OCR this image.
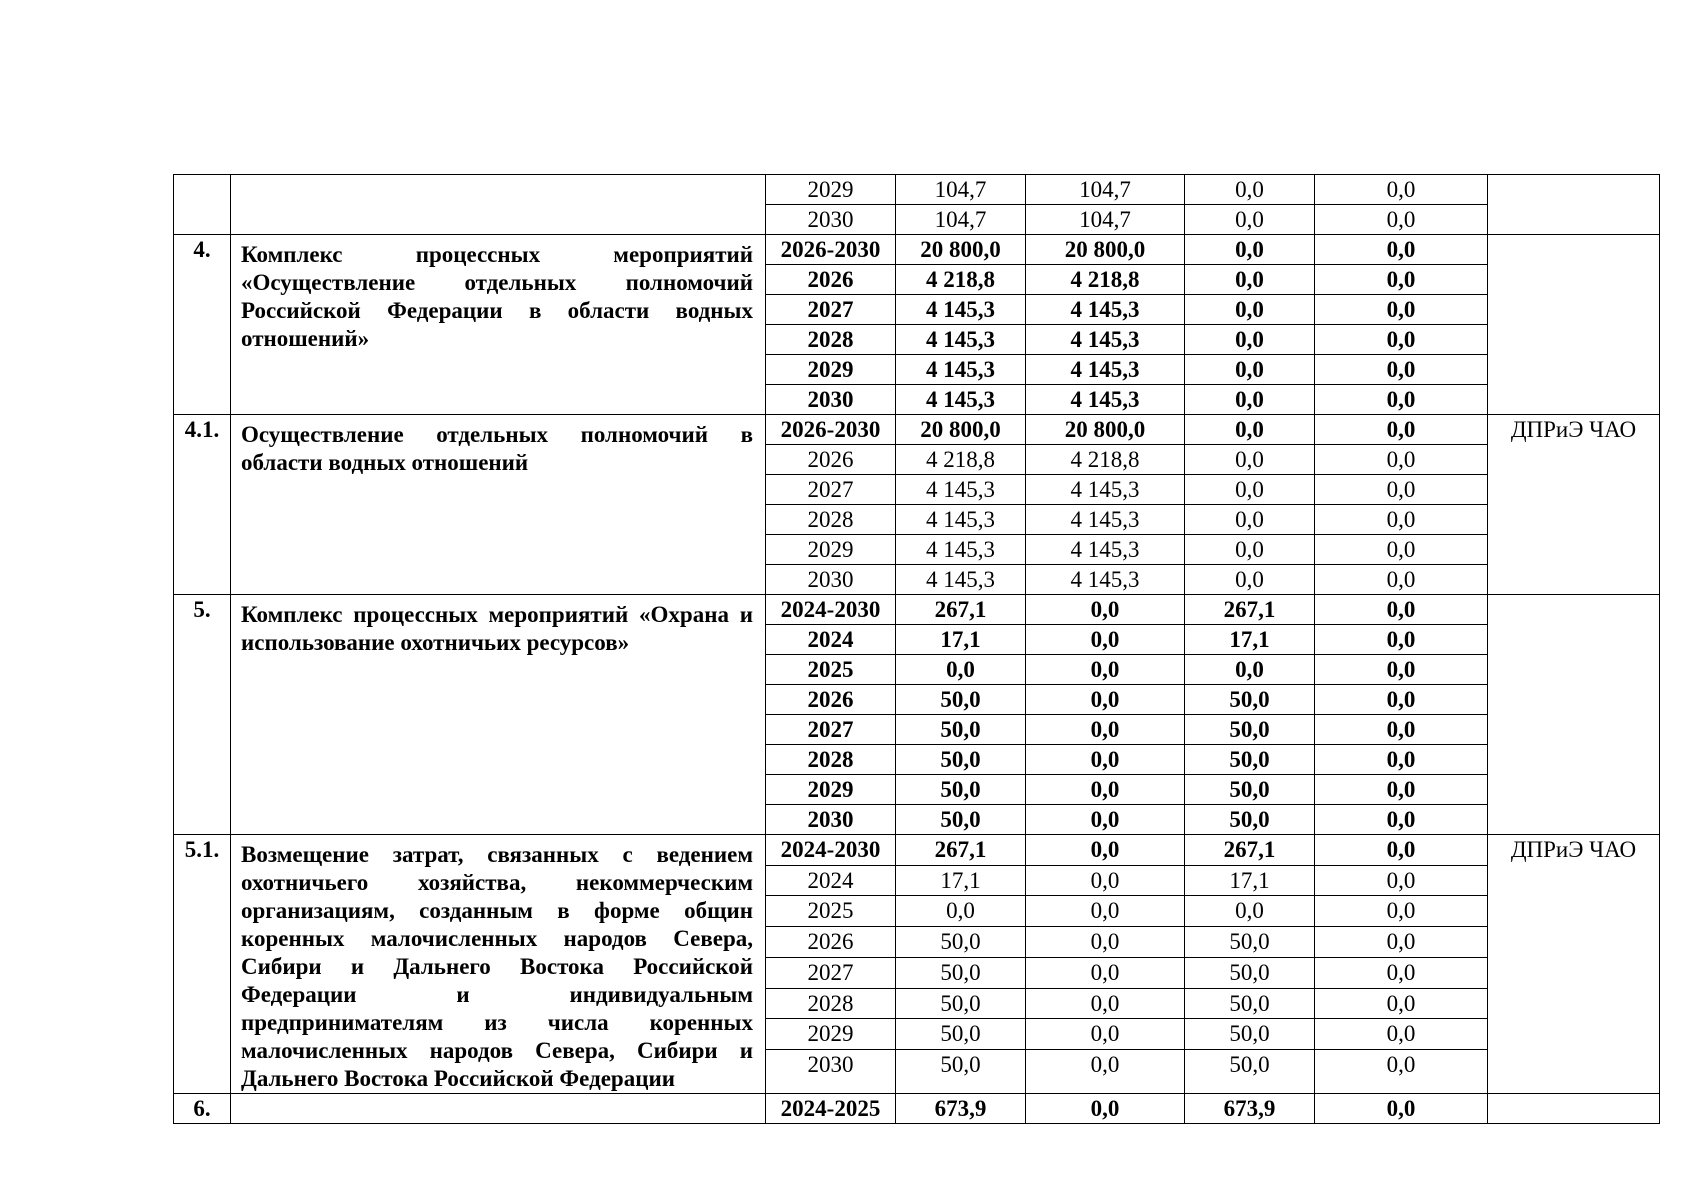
		2029	104,7	104,7	0,0	0,0	
		2030	104,7	104,7	0,0	0,0	
4.	Комплекс процессных мероприятий «Осуществление отдельных полномочий Российской Федерации в области водных отношений»	2026-2030	20 800,0	20 800,0	0,0	0,0	
		2026	4 218,8	4 218,8	0,0	0,0	
		2027	4 145,3	4 145,3	0,0	0,0	
		2028	4 145,3	4 145,3	0,0	0,0	
		2029	4 145,3	4 145,3	0,0	0,0	
		2030	4 145,3	4 145,3	0,0	0,0	
4.1.	Осуществление отдельных полномочий в области водных отношений	2026-2030	20 800,0	20 800,0	0,0	0,0	ДПРиЭ ЧАО
		2026	4 218,8	4 218,8	0,0	0,0	
		2027	4 145,3	4 145,3	0,0	0,0	
		2028	4 145,3	4 145,3	0,0	0,0	
		2029	4 145,3	4 145,3	0,0	0,0	
		2030	4 145,3	4 145,3	0,0	0,0	
5.	Комплекс процессных мероприятий «Охрана и использование охотничьих ресурсов»	2024-2030	267,1	0,0	267,1	0,0	
		2024	17,1	0,0	17,1	0,0	
		2025	0,0	0,0	0,0	0,0	
		2026	50,0	0,0	50,0	0,0	
		2027	50,0	0,0	50,0	0,0	
		2028	50,0	0,0	50,0	0,0	
		2029	50,0	0,0	50,0	0,0	
		2030	50,0	0,0	50,0	0,0	
5.1.	Возмещение затрат, связанных с ведением охотничьего хозяйства, некоммерческим организациям, созданным в форме общин коренных малочисленных народов Севера, Сибири и Дальнего Востока Российской Федерации и индивидуальным предпринимателям из числа коренных малочисленных народов Севера, Сибири и Дальнего Востока Российской Федерации	2024-2030	267,1	0,0	267,1	0,0	ДПРиЭ ЧАО
		2024	17,1	0,0	17,1	0,0	
		2025	0,0	0,0	0,0	0,0	
		2026	50,0	0,0	50,0	0,0	
		2027	50,0	0,0	50,0	0,0	
		2028	50,0	0,0	50,0	0,0	
		2029	50,0	0,0	50,0	0,0	
		2030	50,0	0,0	50,0	0,0	
6.		2024-2025	673,9	0,0	673,9	0,0	
